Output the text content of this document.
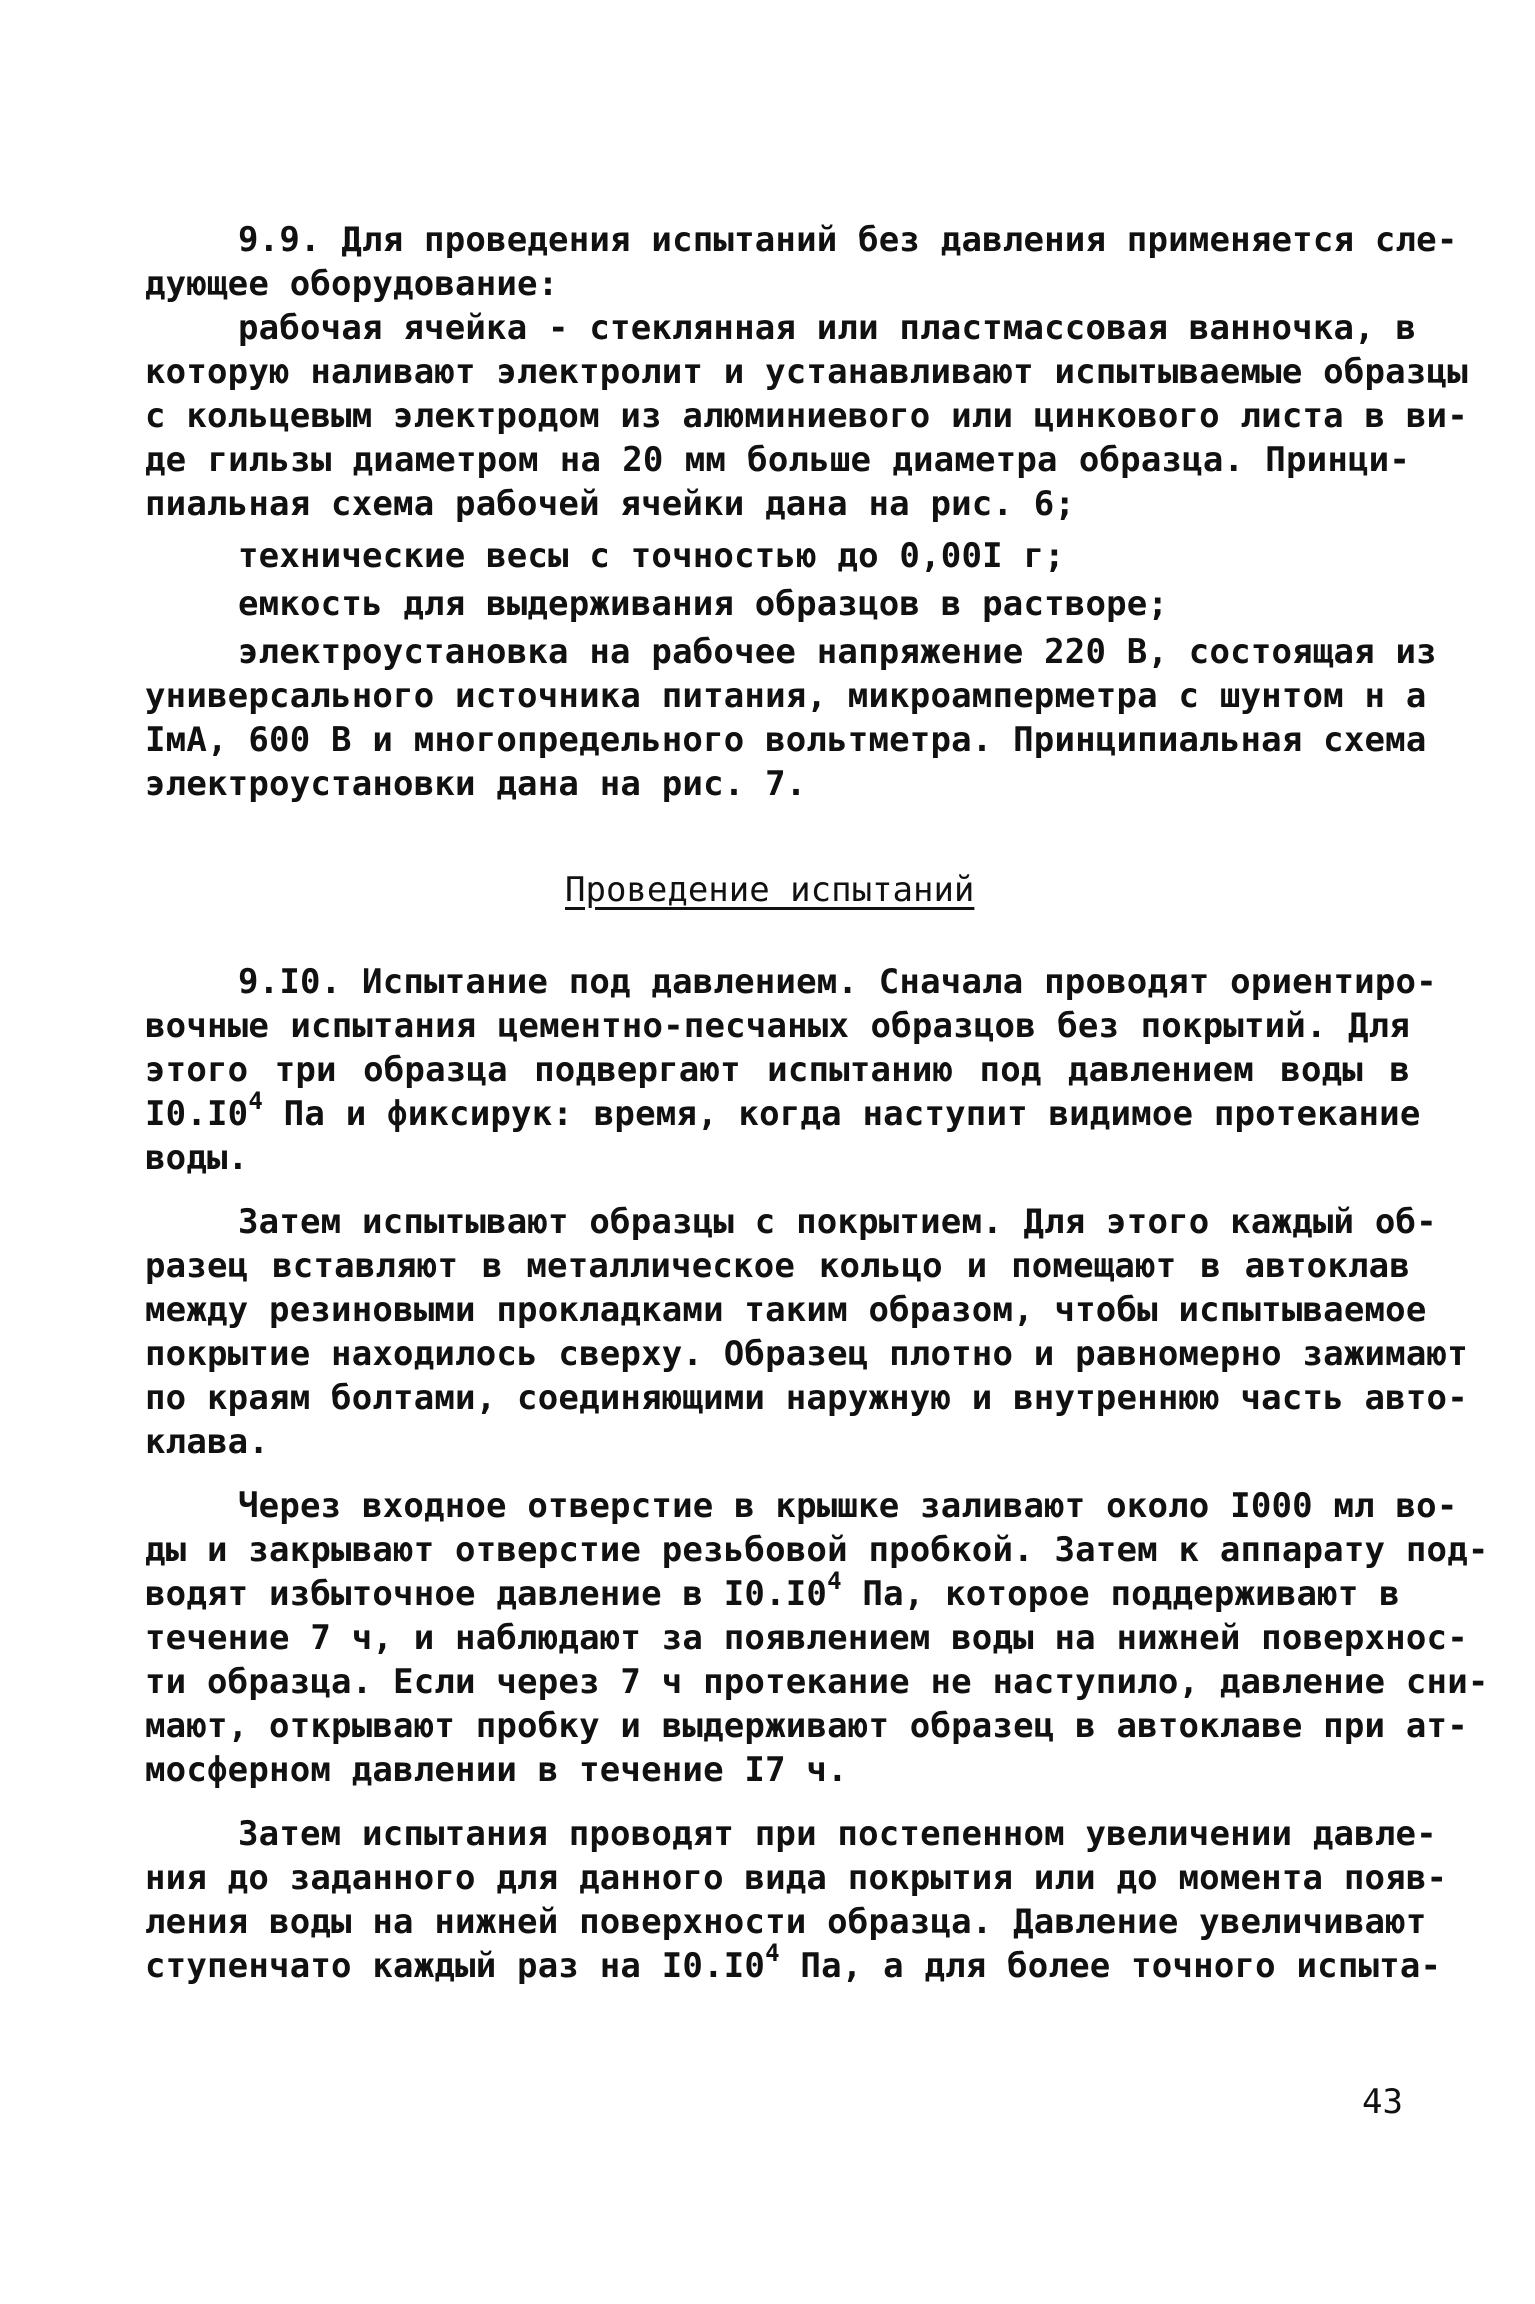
9.9. Для проведения испытаний без давления применяется сле-
дующее оборудование:
рабочая ячейка - стеклянная или пластмассовая ванночка, в
которую наливают электролит и устанавливают испытываемые образцы
с кольцевым электродом из алюминиевого или цинкового листа в ви-
де гильзы диаметром на 20 мм больше диаметра образца. Принци-
пиальная схема рабочей ячейки дана на рис. 6;
технические весы с точностью до 0,00I г;
емкость для выдерживания образцов в растворе;
электроустановка на рабочее напряжение 220 В, состоящая из
универсального источника питания, микроамперметра с шунтом н а
IмА, 600 В и многопредельного вольтметра. Принципиальная схема
электроустановки дана на рис. 7.
Проведение испытаний
9.I0. Испытание под давлением. Сначала проводят ориентиро-
вочные испытания цементно-песчаных образцов без покрытий. Для
этого три образца подвергают испытанию под давлением воды в
$I0.I0^4$ Па и фиксирук: время, когда наступит видимое протекание
воды.
Затем испытывают образцы с покрытием. Для этого каждый об-
разец вставляют в металлическое кольцо и помещают в автоклав
между резиновыми прокладками таким образом, чтобы испытываемое
покрытие находилось сверху. Образец плотно и равномерно зажимают
по краям болтами, соединяющими наружную и внутреннюю часть авто-
клава.
Через входное отверстие в крышке заливают около I000 мл во-
ды и закрывают отверстие резьбовой пробкой. Затем к аппарату под-
водят избыточное давление в $I0.I0^4$ Па, которое поддерживают в
течение 7 ч, и наблюдают за появлением воды на нижней поверхнос-
ти образца. Если через 7 ч протекание не наступило, давление сни-
мают, открывают пробку и выдерживают образец в автоклаве при ат-
мосферном давлении в течение I7 ч.
Затем испытания проводят при постепенном увеличении давле-
ния до заданного для данного вида покрытия или до момента появ-
ления воды на нижней поверхности образца. Давление увеличивают
ступенчато каждый раз на $I0.I0^4$ Па, а для более точного испыта-
43
